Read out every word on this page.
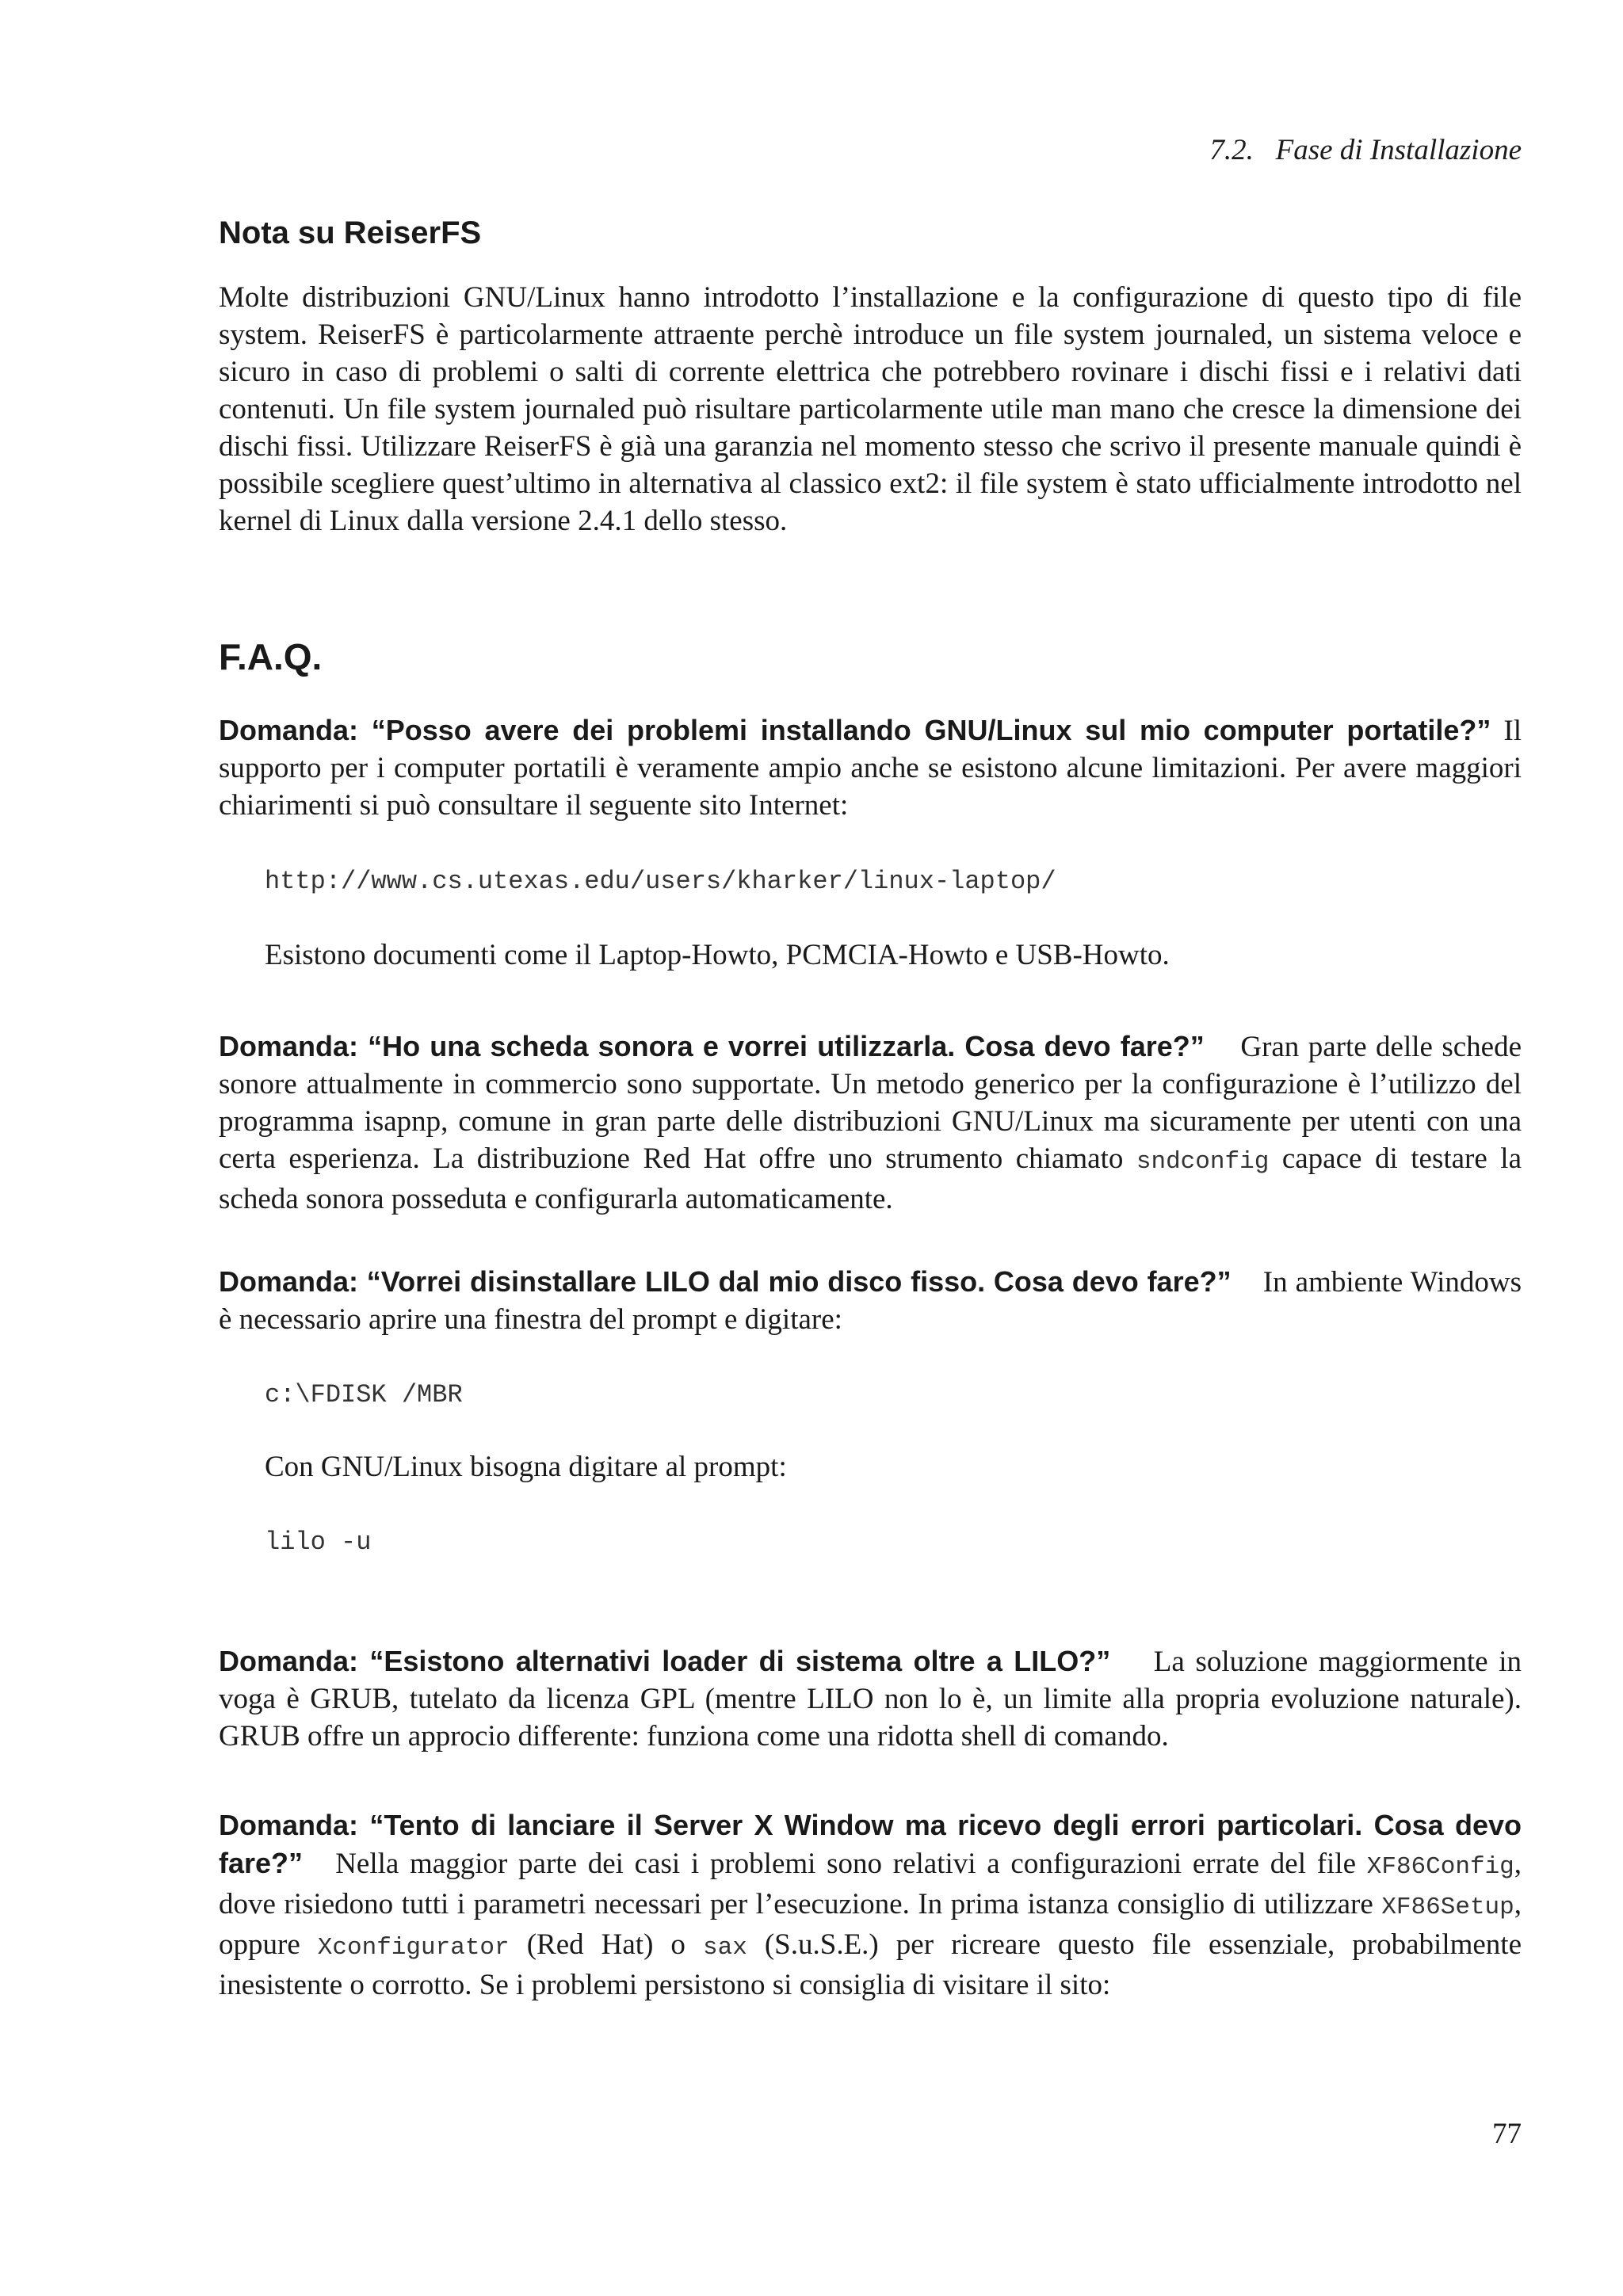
7.2. Fase di Installazione
Nota su ReiserFS

Molte distribuzioni GNU/Linux hanno introdotto l’installazione e la configurazione di questo tipo di file system. ReiserFS è particolarmente attraente perchè introduce un file system journaled, un sistema veloce e sicuro in caso di problemi o salti di corrente elettrica che potrebbero rovinare i dischi fissi e i relativi dati contenuti. Un file system journaled può risultare particolarmente utile man mano che cresce la dimensione dei dischi fissi. Utilizzare ReiserFS è già una garanzia nel momento stesso che scrivo il presente manuale quindi è possibile scegliere quest’ultimo in alternativa al classico ext2: il file system è stato ufficialmente introdotto nel kernel di Linux dalla versione 2.4.1 dello stesso.

F.A.Q.

Domanda: “Posso avere dei problemi installando GNU/Linux sul mio computer portatile?” Il supporto per i computer portatili è veramente ampio anche se esistono alcune limitazioni. Per avere maggiori chiarimenti si può consultare il seguente sito Internet:

http://www.cs.utexas.edu/users/kharker/linux-laptop/
Esistono documenti come il Laptop-Howto, PCMCIA-Howto e USB-Howto.

Domanda: “Ho una scheda sonora e vorrei utilizzarla. Cosa devo fare?” Gran parte delle schede sonore attualmente in commercio sono supportate. Un metodo generico per la configurazione è l’utilizzo del programma isapnp, comune in gran parte delle distribuzioni GNU/Linux ma sicuramente per utenti con una certa esperienza. La distribuzione Red Hat offre uno strumento chiamato sndconfig capace di testare la scheda sonora posseduta e configurarla automaticamente.

Domanda: “Vorrei disinstallare LILO dal mio disco fisso. Cosa devo fare?” In ambiente Windows è necessario aprire una finestra del prompt e digitare:

c:\FDISK /MBR
Con GNU/Linux bisogna digitare al prompt:
lilo -u

Domanda: “Esistono alternativi loader di sistema oltre a LILO?” La soluzione maggiormente in voga è GRUB, tutelato da licenza GPL (mentre LILO non lo è, un limite alla propria evoluzione naturale). GRUB offre un approcio differente: funziona come una ridotta shell di comando.

Domanda: “Tento di lanciare il Server X Window ma ricevo degli errori particolari. Cosa devo fare?” Nella maggior parte dei casi i problemi sono relativi a configurazioni errate del file XF86Config, dove risiedono tutti i parametri necessari per l’esecuzione. In prima istanza consiglio di utilizzare XF86Setup, oppure Xconfigurator (Red Hat) o sax (S.u.S.E.) per ricreare questo file essenziale, probabilmente inesistente o corrotto. Se i problemi persistono si consiglia di visitare il sito:

77
